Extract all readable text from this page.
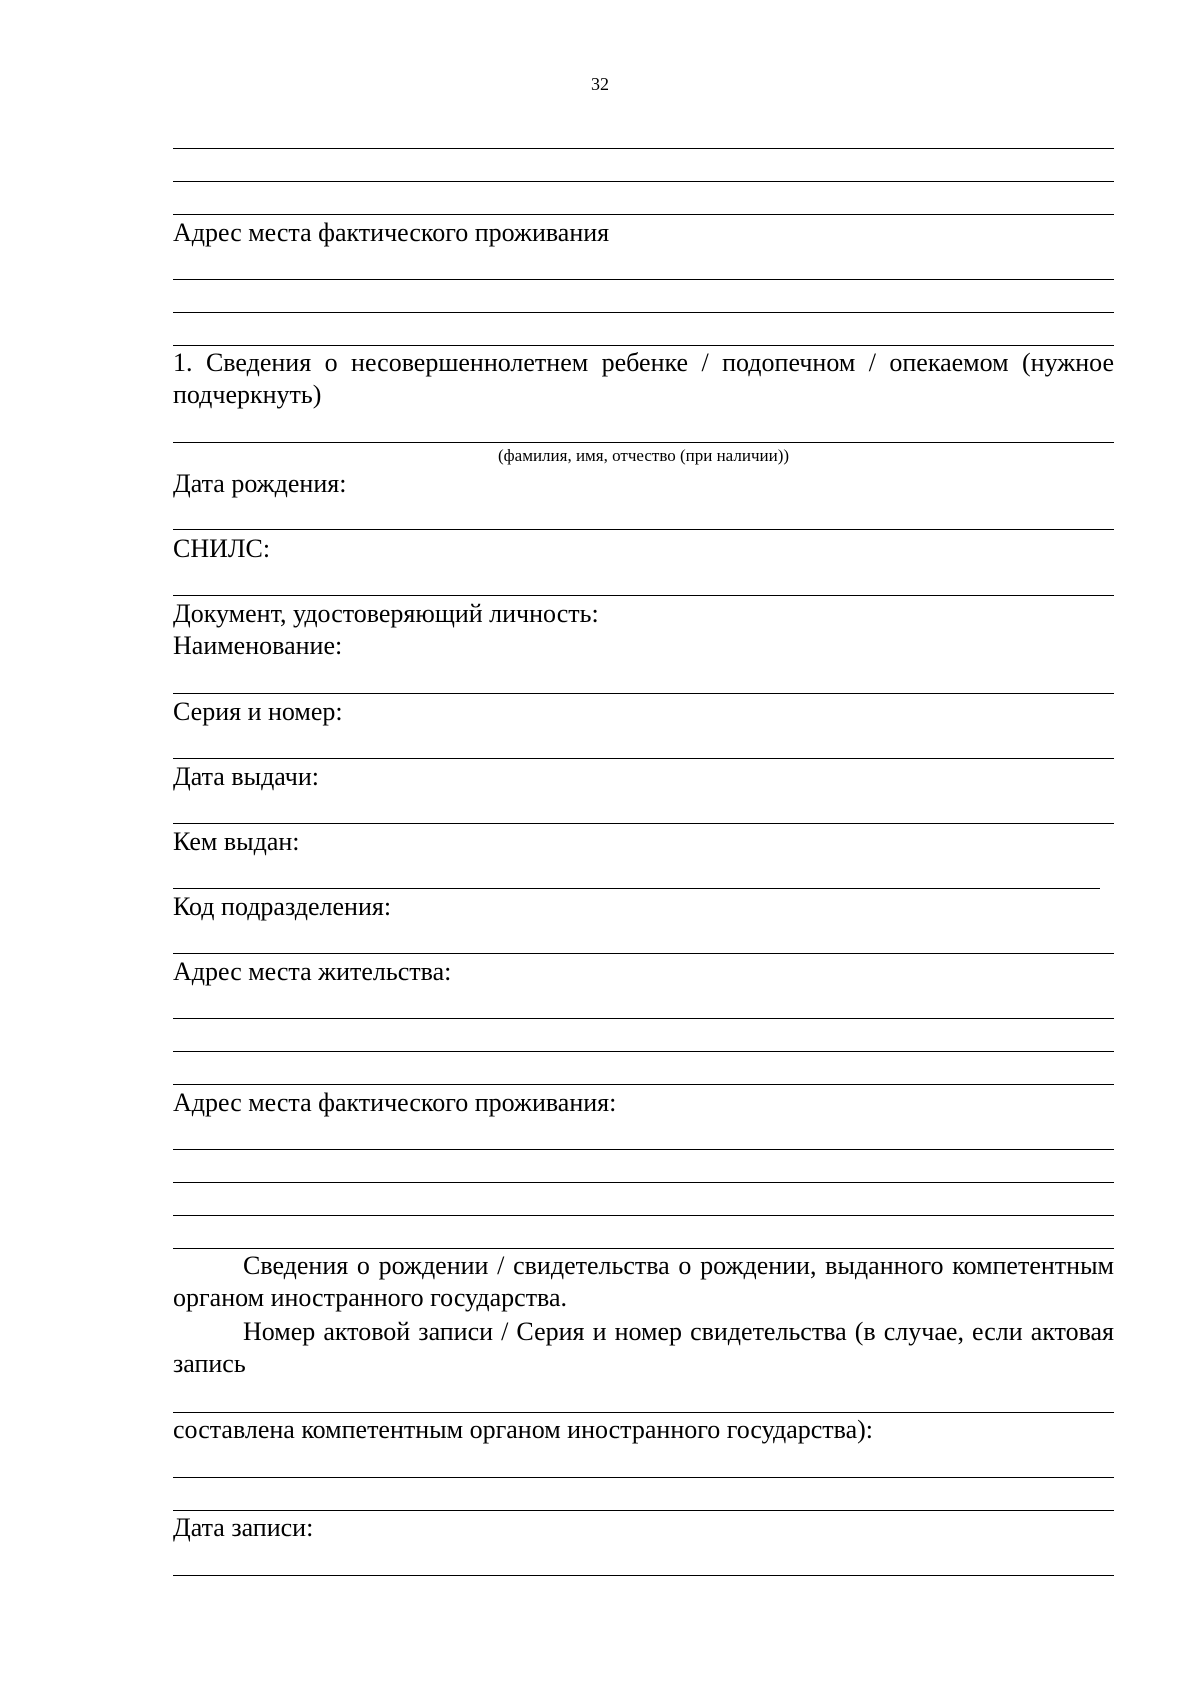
32
Адрес места фактического проживания
1. Сведения о несовершеннолетнем ребенке / подопечном / опекаемом (нужное подчеркнуть)
(фамилия, имя, отчество (при наличии))
Дата рождения:
СНИЛС:
Документ, удостоверяющий личность:
Наименование:
Серия и номер:
Дата выдачи:
Кем выдан:
Код подразделения:
Адрес места жительства:
Адрес места фактического проживания:
Сведения о рождении / свидетельства о рождении, выданного компетентным органом иностранного государства.
Номер актовой записи / Серия и номер свидетельства (в случае, если актовая запись
составлена компетентным органом иностранного государства):
Дата записи:
